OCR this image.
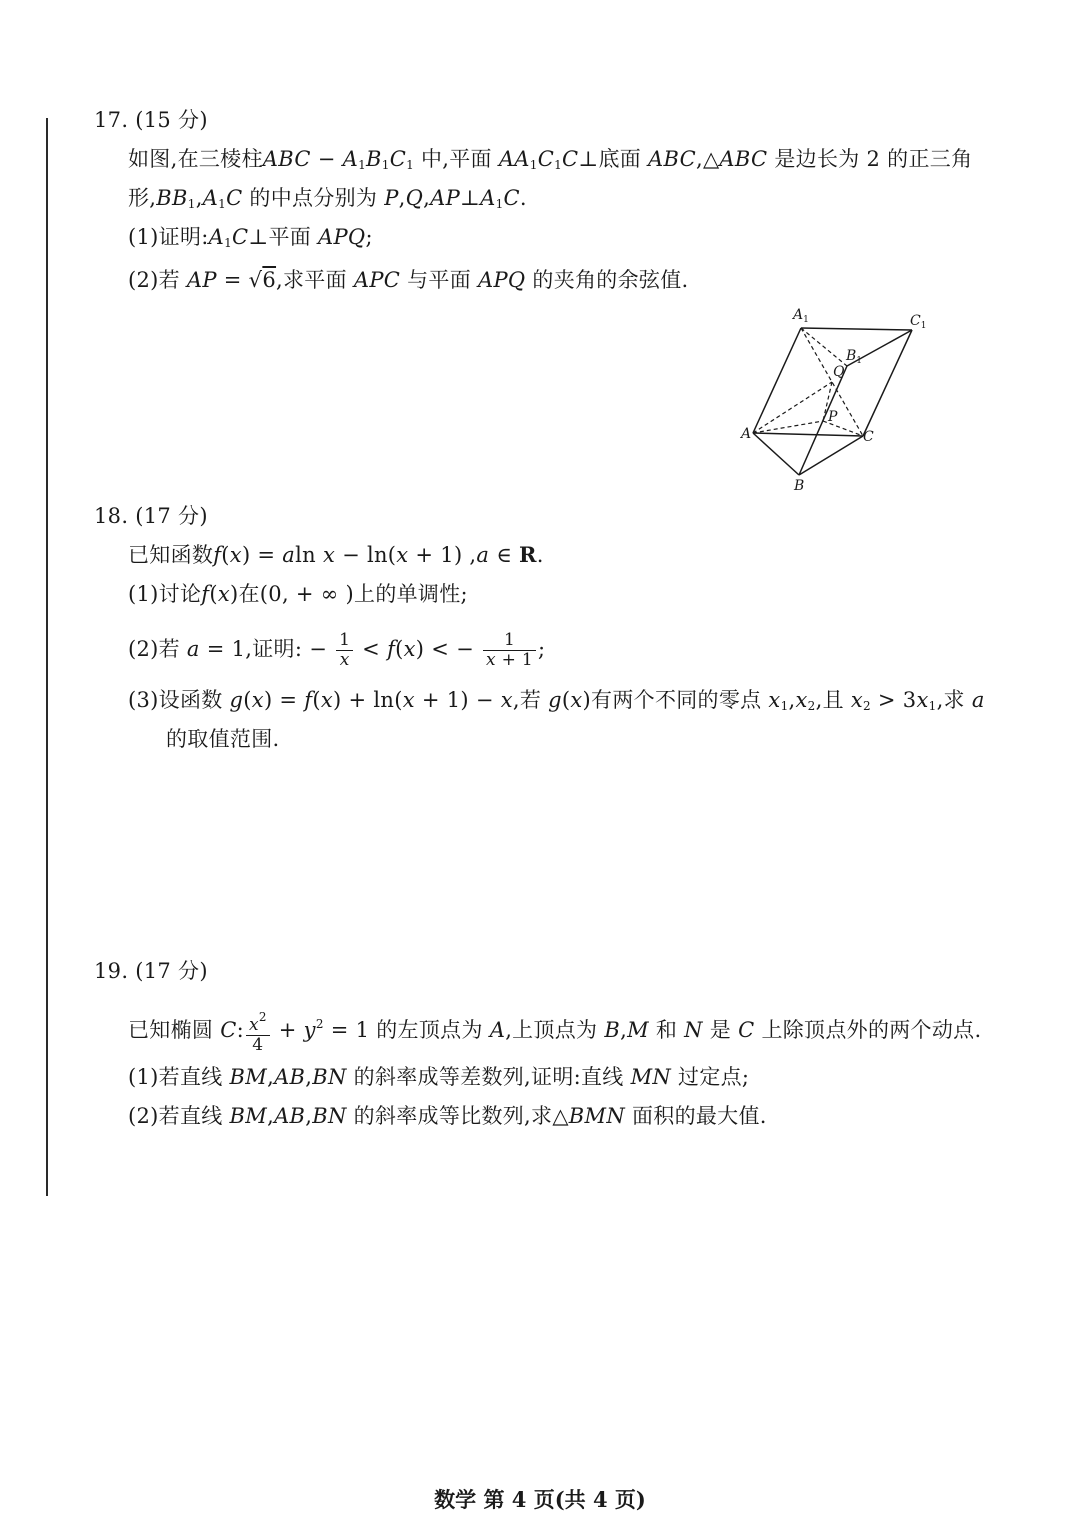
17. (15 分)
如图,在三棱柱ABC − $A_1B_1C_1$ 中,平面 $AA_1C_1C\perp$底面 ABC,△ABC 是边长为 2 的正三角
形$,BB_1,A_1C$ 的中点分别为 $P,Q,AP\perp A_1C$.
(1)证明$:A_1C\perp$平面 APQ;
(2)若 AP = √6,求平面 APC 与平面 APQ 的夹角的余弦值.
$A_1$	$C_1$
$B_1$
Q
P
A	C
B
18. (17 分)
已知函数f(x) = aln x − ln(x + 1) ,a ∈ R.
(1)讨论f(x)在(0, + ∞ )上的单调性;
(2)若 a = 1,证明: − $\frac{1}{x} < f(x)$ < − $\frac{1}{x + 1}$ ;
(3)设函数 g(x) = f(x) + ln(x + 1) − x,若 g(x)有两个不同的零点 $x_1,x_2$,且 $x_2 > 3x_1$,求 a
的取值范围.
19. (17 分)
已知椭圆 C: $\frac{x^2}{4} + y^2 = 1$ 的左顶点为 A,上顶点为 B,M 和 N 是 C 上除顶点外的两个动点.
(1)若直线 BM,AB,BN 的斜率成等差数列,证明:直线 MN 过定点;
(2)若直线 BM,AB,BN 的斜率成等比数列,求△BMN 面积的最大值.
数学 第 4 页(共 4 页)
